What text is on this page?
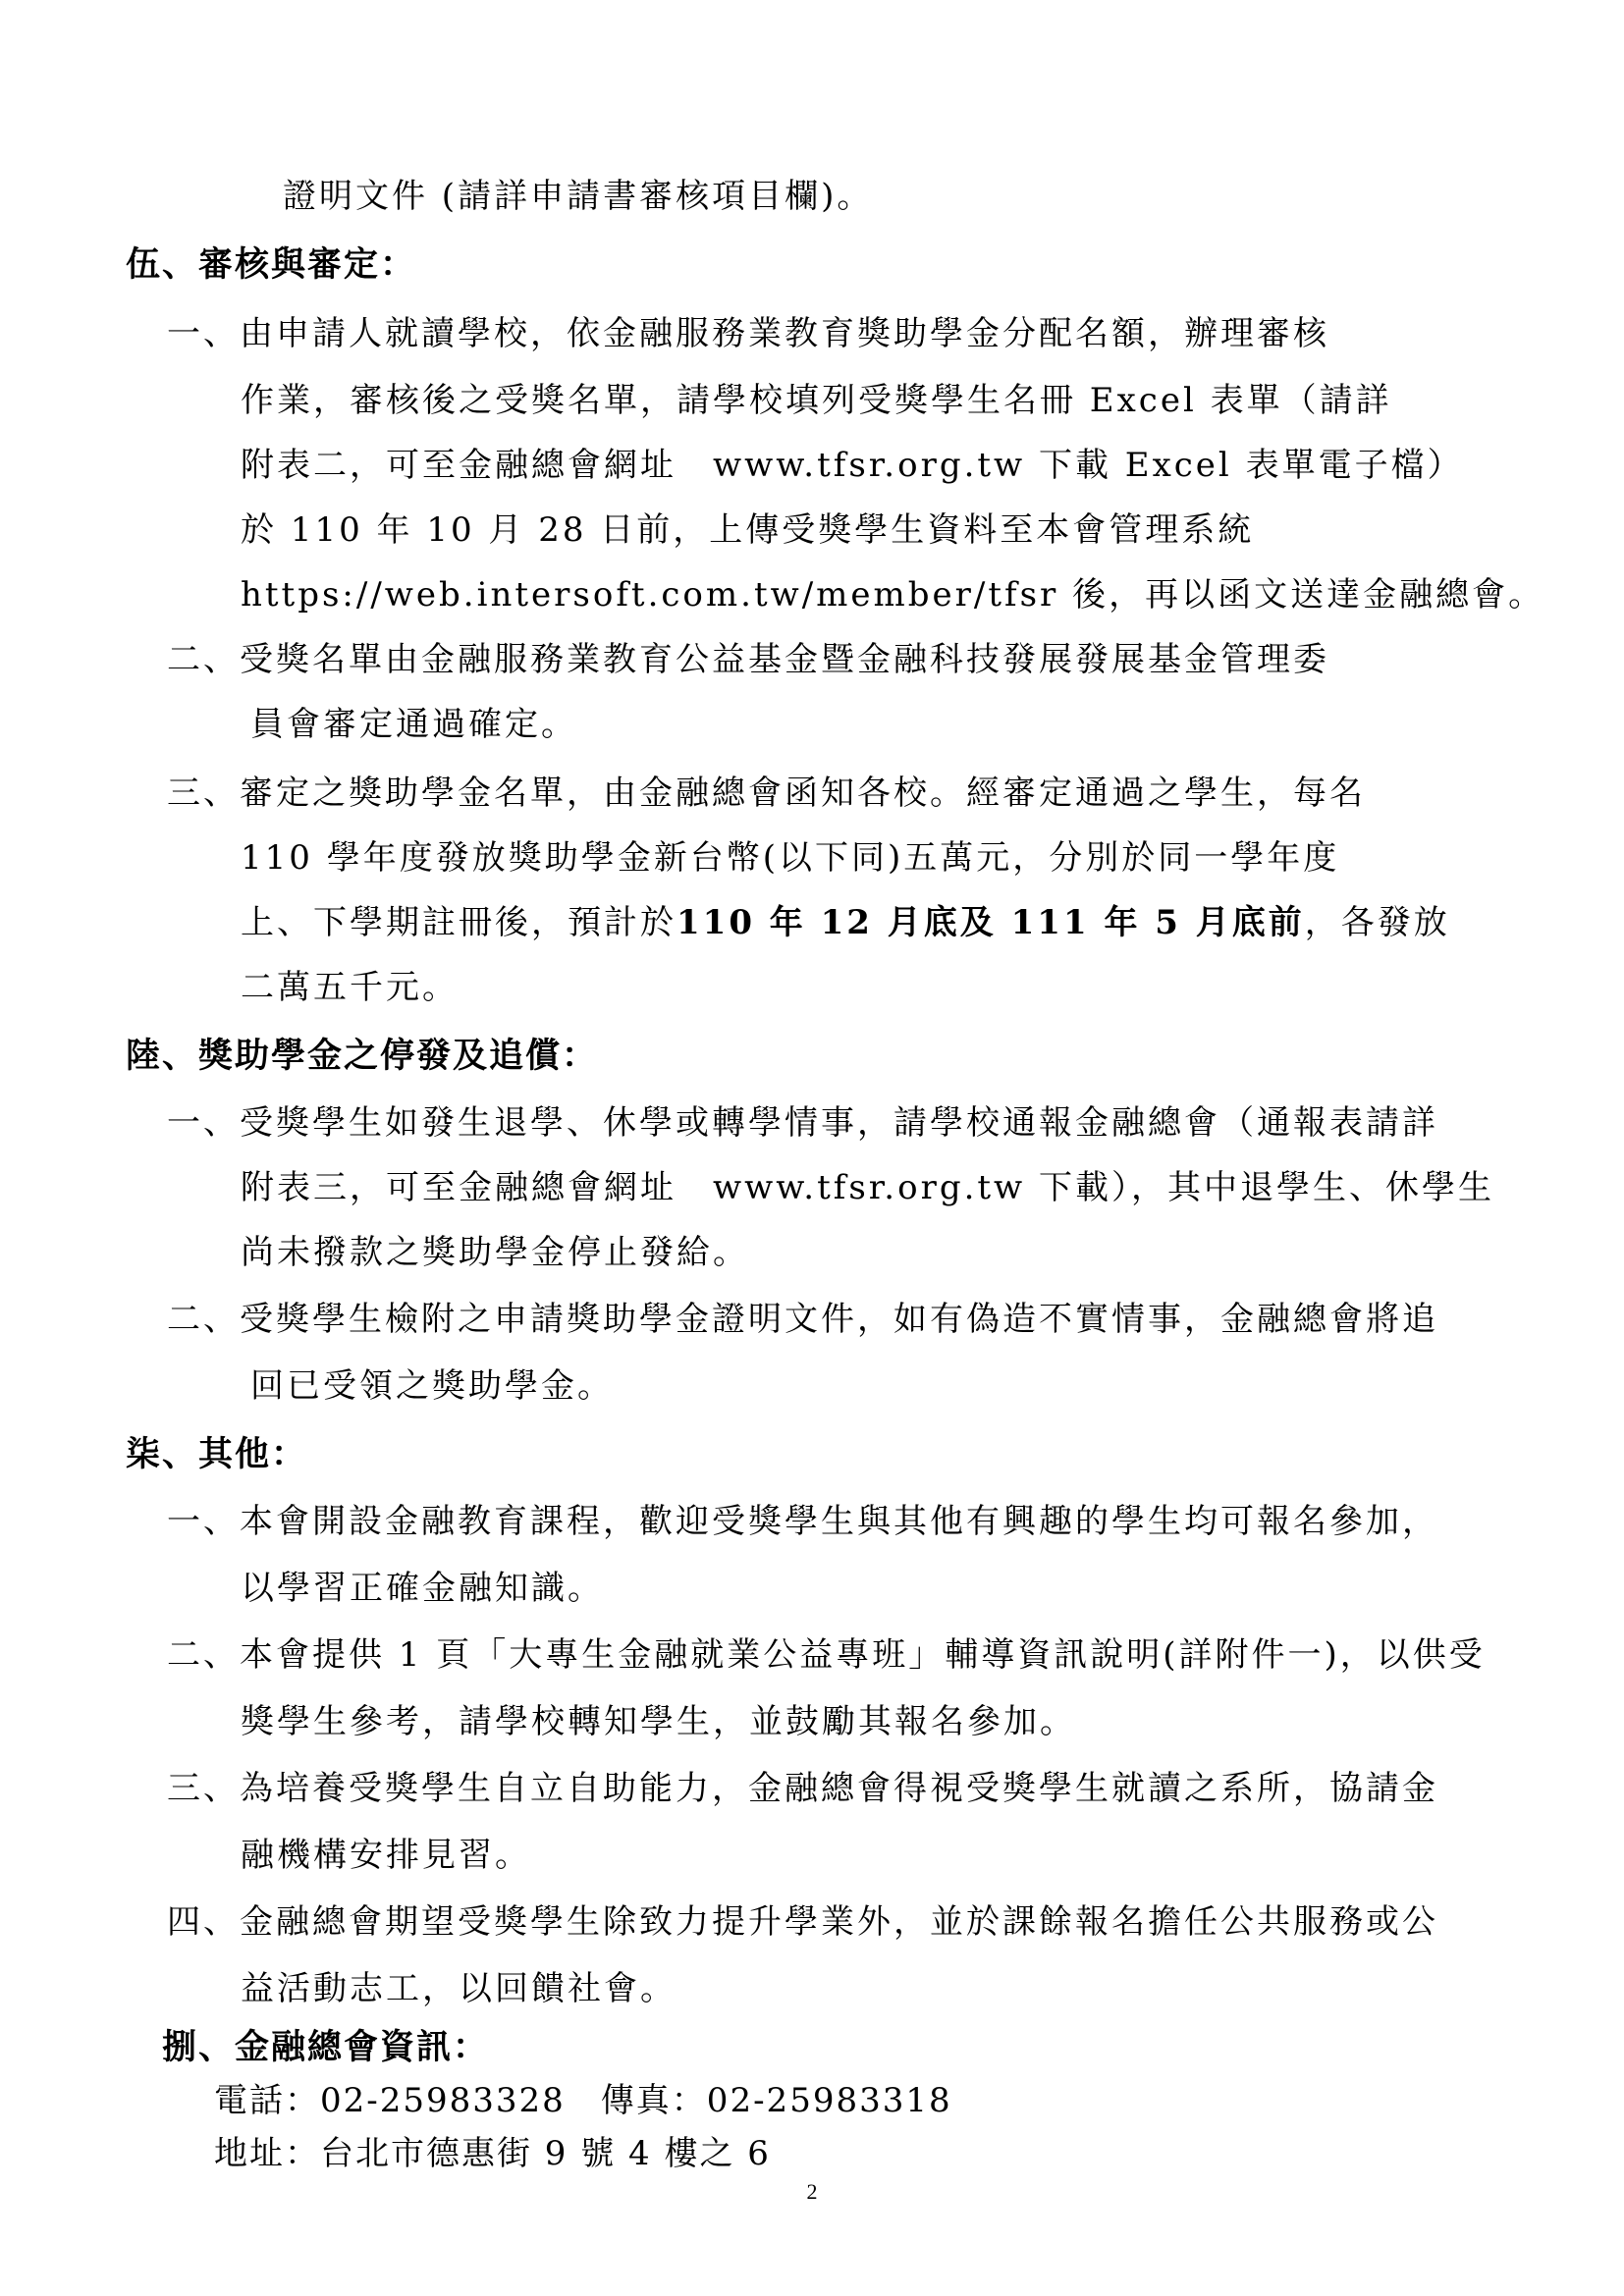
證明文件 (請詳申請書審核項目欄)。
伍、審核與審定：
一、由申請人就讀學校，依金融服務業教育獎助學金分配名額，辦理審核
作業，審核後之受獎名單，請學校填列受獎學生名冊 Excel 表單（請詳
附表二，可至金融總會網址　www.tfsr.org.tw 下載 Excel 表單電子檔）
於 110 年 10 月 28 日前，上傳受獎學生資料至本會管理系統
https://web.intersoft.com.tw/member/tfsr 後，再以函文送達金融總會。
二、受獎名單由金融服務業教育公益基金暨金融科技發展發展基金管理委
員會審定通過確定。
三、審定之獎助學金名單，由金融總會函知各校。經審定通過之學生，每名
110 學年度發放獎助學金新台幣(以下同)五萬元，分別於同一學年度
上、下學期註冊後，預計於110 年 12 月底及 111 年 5 月底前，各發放
二萬五千元。
陸、獎助學金之停發及追償：
一、受獎學生如發生退學、休學或轉學情事，請學校通報金融總會（通報表請詳
附表三，可至金融總會網址　www.tfsr.org.tw 下載），其中退學生、休學生
尚未撥款之獎助學金停止發給。
二、受獎學生檢附之申請獎助學金證明文件，如有偽造不實情事，金融總會將追
回已受領之獎助學金。
柒、其他：
一、本會開設金融教育課程，歡迎受獎學生與其他有興趣的學生均可報名參加，
以學習正確金融知識。
二、本會提供 1 頁「大專生金融就業公益專班」輔導資訊說明(詳附件一)，以供受
獎學生參考，請學校轉知學生，並鼓勵其報名參加。
三、為培養受獎學生自立自助能力，金融總會得視受獎學生就讀之系所，協請金
融機構安排見習。
四、金融總會期望受獎學生除致力提升學業外，並於課餘報名擔任公共服務或公
益活動志工，以回饋社會。
捌、金融總會資訊：
電話：02-25983328　傳真：02-25983318
地址：台北市德惠街 9 號 4 樓之 6
2
